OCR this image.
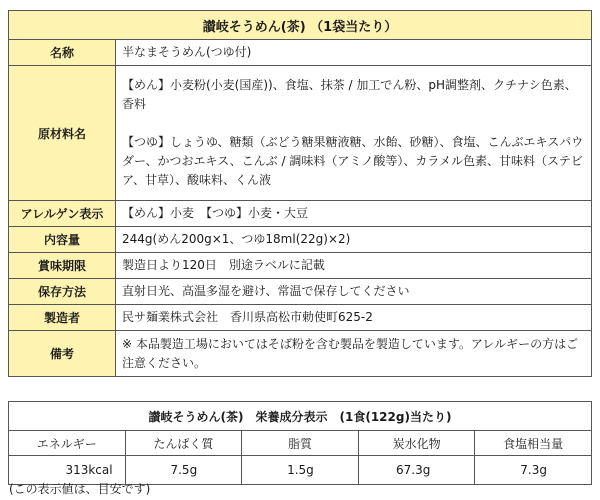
讃岐そうめん(茶) （1袋当たり）	
名称	半なまそうめん(つゆ付)
原材料名	【めん】小麦粉(小麦(国産))、食塩、抹茶 / 加工でん粉、pH調整剤、クチナシ色素、香料

【つゆ】しょうゆ、糖類（ぶどう糖果糖液糖、水飴、砂糖）、食塩、こんぶエキスパウダー、かつおエキス、こんぶ / 調味料（アミノ酸等）、カラメル色素、甘味料（ステビア、甘草）、酸味料、くん液

アレルゲン表示	【めん】小麦　【つゆ】小麦・大豆
内容量	244g(めん200g×1、つゆ18ml(22g)×2)
賞味期限	製造日より120日　別途ラベルに記載
保存方法	直射日光、高温多湿を避け、常温で保存してください
製造者	民サ麺業株式会社　香川県高松市勅使町625-2
備考	※ 本品製造工場においてはそば粉を含む製品を製造しています。アレルギーの方はご注意ください。
讃岐そうめん(茶)　栄養成分表示　(1食(122g)当たり)				
エネルギー	たんぱく質	脂質	炭水化物	食塩相当量
313kcal	7.5g	1.5g	67.3g	7.3g
(この表示値は、目安です)
